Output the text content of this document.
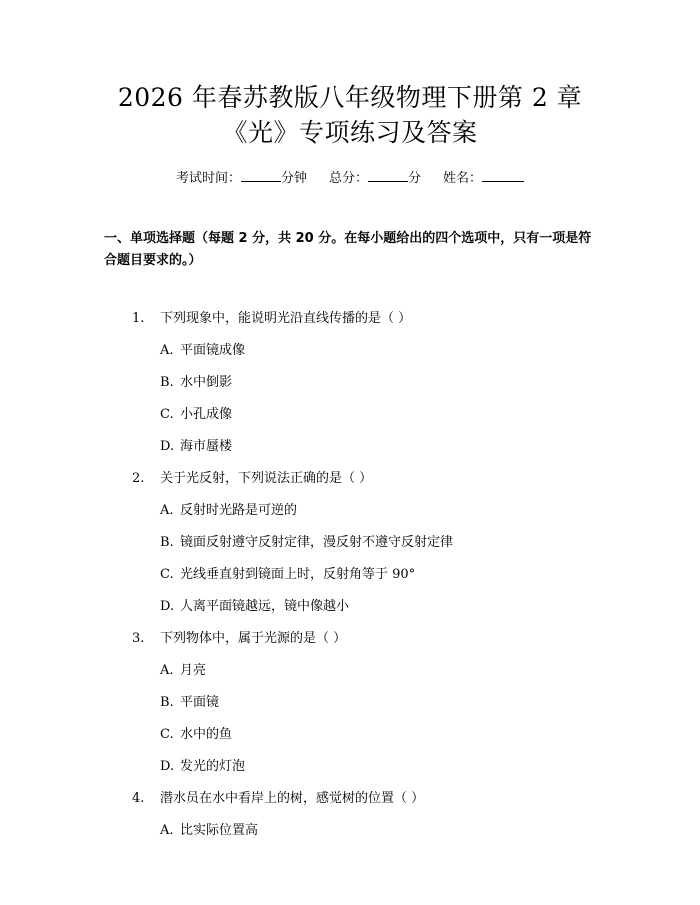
2026 年春苏教版八年级物理下册第 2 章
《光》专项练习及答案
考试时间：	分钟 总分：	分 姓名：
一、单项选择题（每题 2 分，共 20 分。在每小题给出的四个选项中，只有一项是符合题目要求的。）
1. 下列现象中，能说明光沿直线传播的是（ ）
A. 平面镜成像
B. 水中倒影
C. 小孔成像
D. 海市蜃楼
2. 关于光反射，下列说法正确的是（ ）
A. 反射时光路是可逆的
B. 镜面反射遵守反射定律，漫反射不遵守反射定律
C. 光线垂直射到镜面上时，反射角等于 90°
D. 人离平面镜越远，镜中像越小
3. 下列物体中，属于光源的是（ ）
A. 月亮
B. 平面镜
C. 水中的鱼
D. 发光的灯泡
4. 潜水员在水中看岸上的树，感觉树的位置（ ）
A. 比实际位置高
